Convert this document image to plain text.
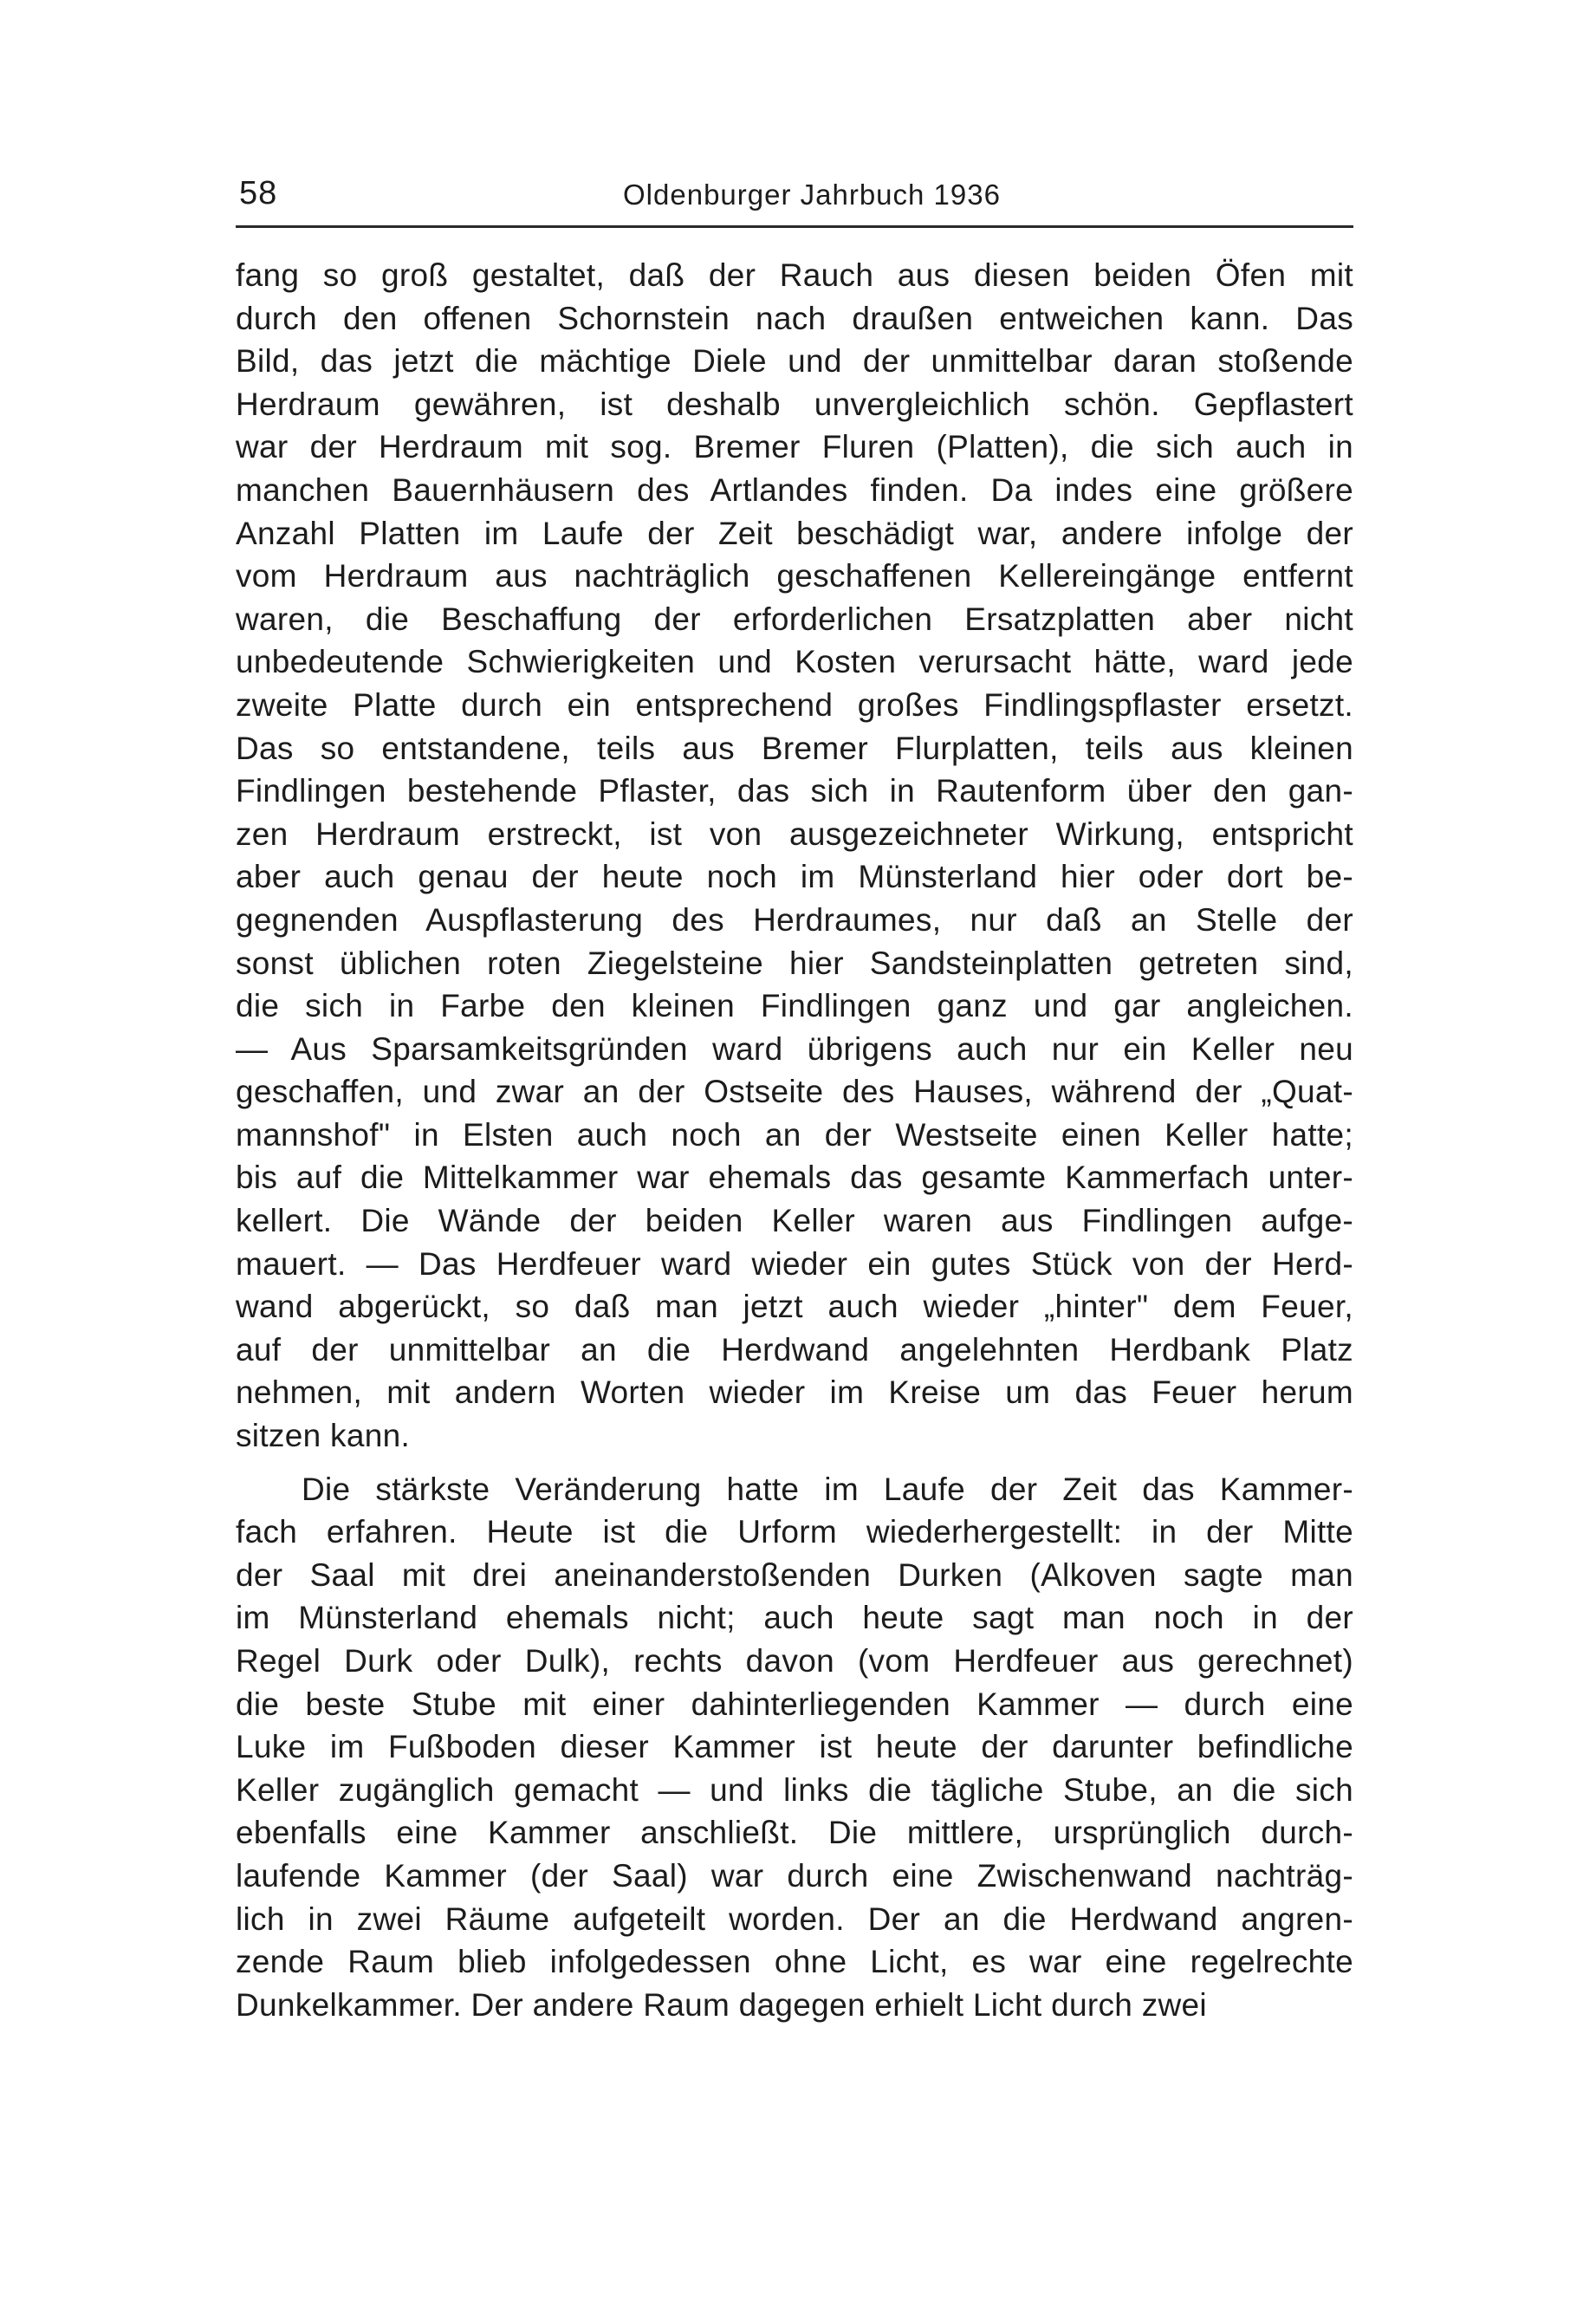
58	Oldenburger Jahrbuch 1936
fang so groß gestaltet, daß der Rauch aus diesen beiden Öfen mit
durch den offenen Schornstein nach draußen entweichen kann. Das
Bild, das jetzt die mächtige Diele und der unmittelbar daran stoßende
Herdraum gewähren, ist deshalb unvergleichlich schön. Gepflastert
war der Herdraum mit sog. Bremer Fluren (Platten), die sich auch in
manchen Bauernhäusern des Artlandes finden. Da indes eine größere
Anzahl Platten im Laufe der Zeit beschädigt war, andere infolge der
vom Herdraum aus nachträglich geschaffenen Kellereingänge entfernt
waren, die Beschaffung der erforderlichen Ersatzplatten aber nicht
unbedeutende Schwierigkeiten und Kosten verursacht hätte, ward jede
zweite Platte durch ein entsprechend großes Findlingspflaster ersetzt.
Das so entstandene, teils aus Bremer Flurplatten, teils aus kleinen
Findlingen bestehende Pflaster, das sich in Rautenform über den gan-
zen Herdraum erstreckt, ist von ausgezeichneter Wirkung, entspricht
aber auch genau der heute noch im Münsterland hier oder dort be-
gegnenden Auspflasterung des Herdraumes, nur daß an Stelle der
sonst üblichen roten Ziegelsteine hier Sandsteinplatten getreten sind,
die sich in Farbe den kleinen Findlingen ganz und gar angleichen.
— Aus Sparsamkeitsgründen ward übrigens auch nur ein Keller neu
geschaffen, und zwar an der Ostseite des Hauses, während der „Quat-
mannshof" in Elsten auch noch an der Westseite einen Keller hatte;
bis auf die Mittelkammer war ehemals das gesamte Kammerfach unter-
kellert. Die Wände der beiden Keller waren aus Findlingen aufge-
mauert. — Das Herdfeuer ward wieder ein gutes Stück von der Herd-
wand abgerückt, so daß man jetzt auch wieder „hinter" dem Feuer,
auf der unmittelbar an die Herdwand angelehnten Herdbank Platz
nehmen, mit andern Worten wieder im Kreise um das Feuer herum
sitzen kann.
Die stärkste Veränderung hatte im Laufe der Zeit das Kammer-
fach erfahren. Heute ist die Urform wiederhergestellt: in der Mitte
der Saal mit drei aneinanderstoßenden Durken (Alkoven sagte man
im Münsterland ehemals nicht; auch heute sagt man noch in der
Regel Durk oder Dulk), rechts davon (vom Herdfeuer aus gerechnet)
die beste Stube mit einer dahinterliegenden Kammer — durch eine
Luke im Fußboden dieser Kammer ist heute der darunter befindliche
Keller zugänglich gemacht — und links die tägliche Stube, an die sich
ebenfalls eine Kammer anschließt. Die mittlere, ursprünglich durch-
laufende Kammer (der Saal) war durch eine Zwischenwand nachträg-
lich in zwei Räume aufgeteilt worden. Der an die Herdwand angren-
zende Raum blieb infolgedessen ohne Licht, es war eine regelrechte
Dunkelkammer. Der andere Raum dagegen erhielt Licht durch zwei
